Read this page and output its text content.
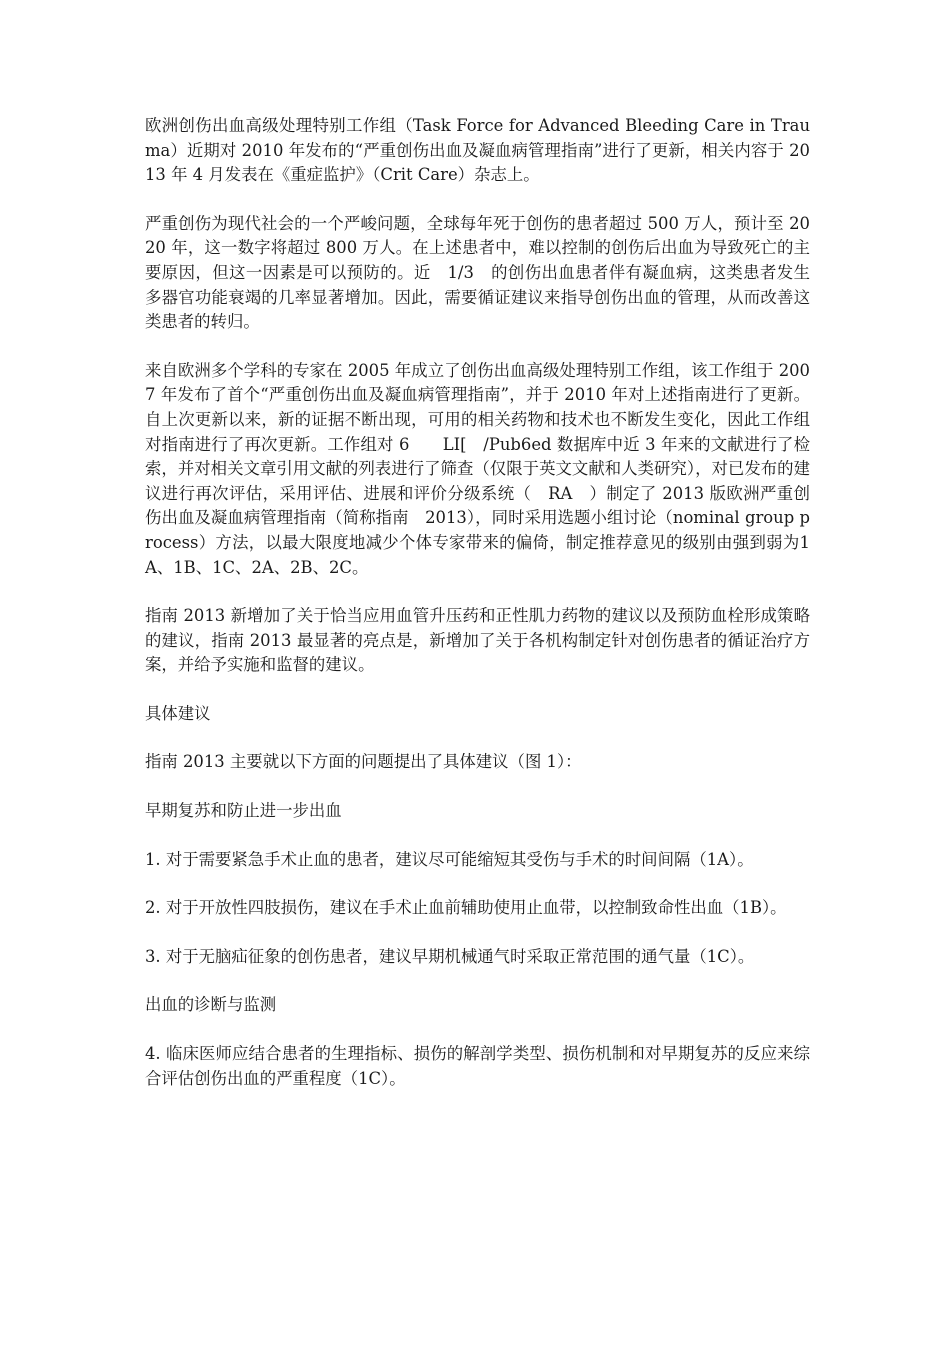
欧洲创伤出血高级处理特别工作组（Task Force for Advanced Bleeding Care in Trauma）近期对 2010 年发布的“严重创伤出血及凝血病管理指南”进行了更新，相关内容于 2013 年 4 月发表在《重症监护》（Crit Care）杂志上。

严重创伤为现代社会的一个严峻问题，全球每年死于创伤的患者超过 500 万人，预计至 2020 年，这一数字将超过 800 万人。在上述患者中，难以控制的创伤后出血为导致死亡的主要原因，但这一因素是可以预防的。近　1/3　的创伤出血患者伴有凝血病，这类患者发生多器官功能衰竭的几率显著增加。因此，需要循证建议来指导创伤出血的管理，从而改善这类患者的转归。

来自欧洲多个学科的专家在 2005 年成立了创伤出血高级处理特别工作组，该工作组于 2007 年发布了首个“严重创伤出血及凝血病管理指南”，并于 2010 年对上述指南进行了更新。自上次更新以来，新的证据不断出现，可用的相关药物和技术也不断发生变化，因此工作组对指南进行了再次更新。工作组对 6　　LI[　/Pub6ed 数据库中近 3 年来的文献进行了检索，并对相关文章引用文献的列表进行了筛查（仅限于英文文献和人类研究），对已发布的建议进行再次评估，采用评估、进展和评价分级系统（　RA　）制定了 2013 版欧洲严重创伤出血及凝血病管理指南（简称指南　2013），同时采用选题小组讨论（nominal group process）方法，以最大限度地减少个体专家带来的偏倚，制定推荐意见的级别由强到弱为1A、1B、1C、2A、2B、2C。

指南 2013 新增加了关于恰当应用血管升压药和正性肌力药物的建议以及预防血栓形成策略的建议，指南 2013 最显著的亮点是，新增加了关于各机构制定针对创伤患者的循证治疗方案，并给予实施和监督的建议。

具体建议

指南 2013 主要就以下方面的问题提出了具体建议（图 1）：

早期复苏和防止进一步出血

1. 对于需要紧急手术止血的患者，建议尽可能缩短其受伤与手术的时间间隔（1A）。

2. 对于开放性四肢损伤，建议在手术止血前辅助使用止血带，以控制致命性出血（1B）。

3. 对于无脑疝征象的创伤患者，建议早期机械通气时采取正常范围的通气量（1C）。

出血的诊断与监测

4. 临床医师应结合患者的生理指标、损伤的解剖学类型、损伤机制和对早期复苏的反应来综合评估创伤出血的严重程度（1C）。
